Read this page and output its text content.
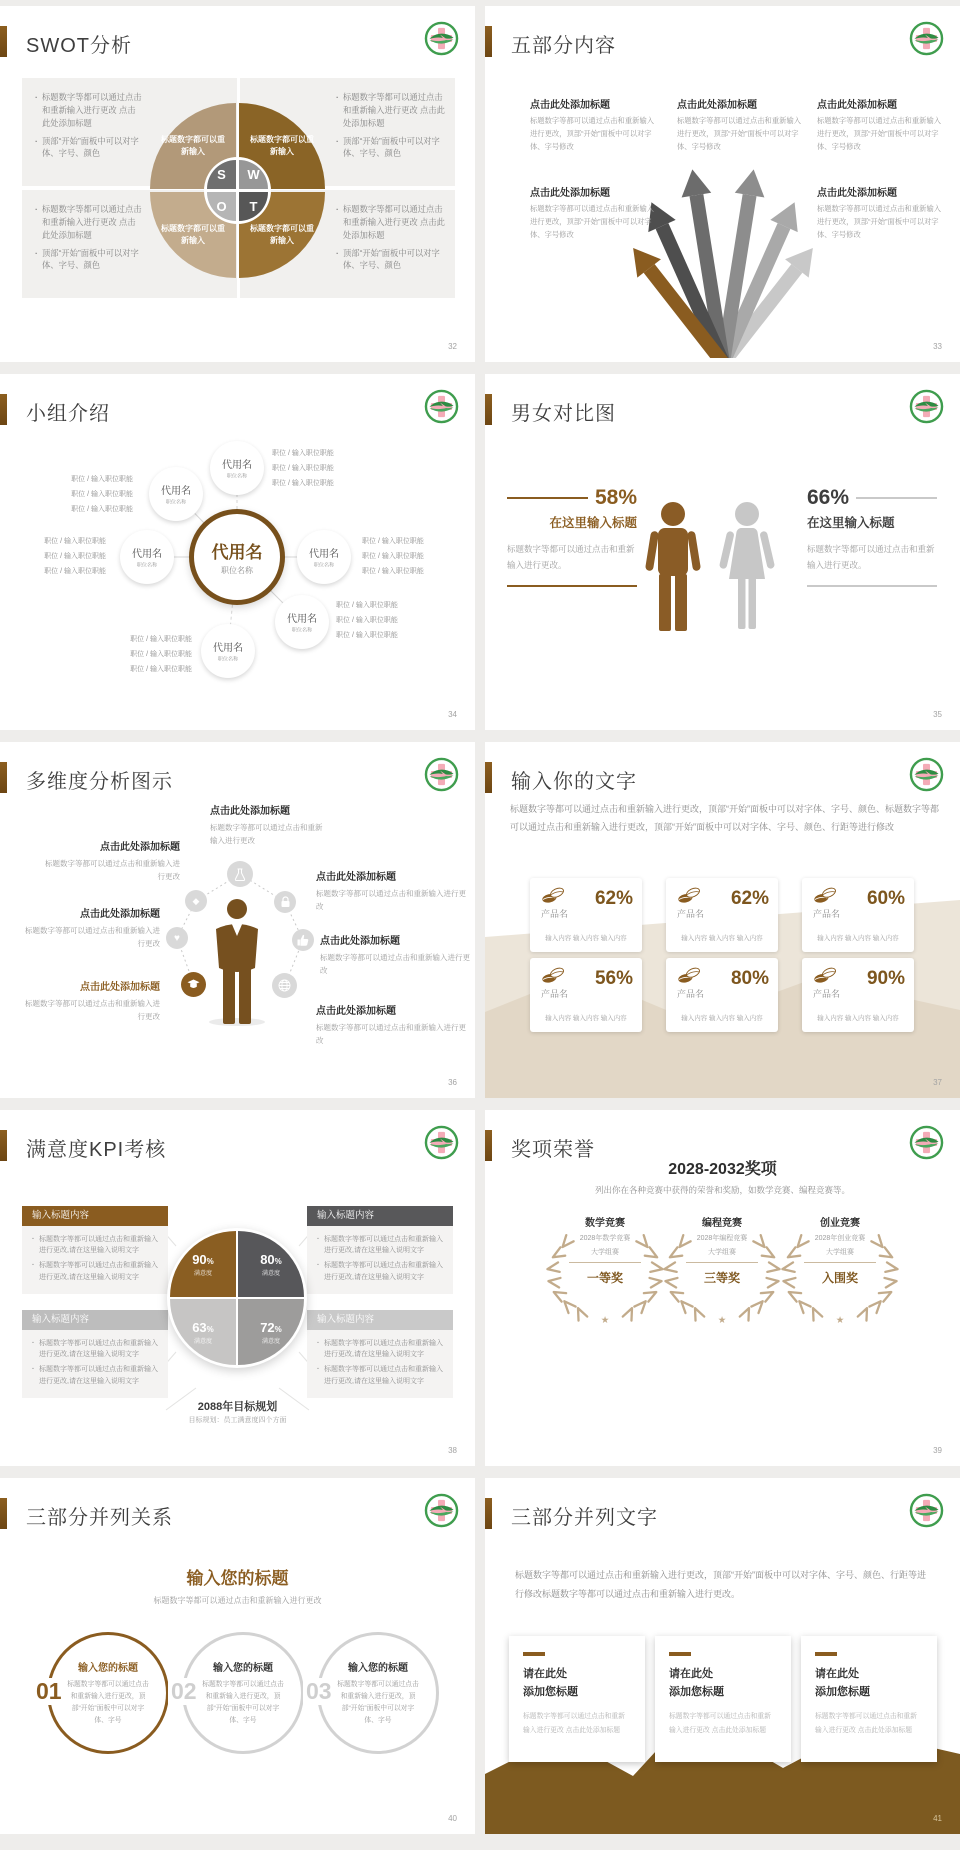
SWOT分析
· 标题数字等都可以通过点击和重新输入进行更改 点击此处添加标题
· 顶部“开始”面板中可以对字体、字号、颜色
· 标题数字等都可以通过点击和重新输入进行更改 点击此处添加标题
· 顶部“开始”面板中可以对字体、字号、颜色
· 标题数字等都可以通过点击和重新输入进行更改 点击此处添加标题
· 顶部“开始”面板中可以对字体、字号、颜色
· 标题数字等都可以通过点击和重新输入进行更改 点击此处添加标题
· 顶部“开始”面板中可以对字体、字号、颜色
标题数字都可以重新输入
标题数字都可以重新输入
标题数字都可以重新输入
标题数字都可以重新输入
S	W
O	T
32
五部分内容
点击此处添加标题
标题数字等都可以通过点击和重新输入进行更改，顶部“开始”面板中可以对字体、字号修改
点击此处添加标题
标题数字等都可以通过点击和重新输入进行更改，顶部“开始”面板中可以对字体、字号修改
点击此处添加标题
标题数字等都可以通过点击和重新输入进行更改，顶部“开始”面板中可以对字体、字号修改
点击此处添加标题
标题数字等都可以通过点击和重新输入进行更改，顶部“开始”面板中可以对字体、字号修改
点击此处添加标题
标题数字等都可以通过点击和重新输入进行更改，顶部“开始”面板中可以对字体、字号修改
33
小组介绍
代用名
职位名称
代用名
职位名称
代用名
职位名称
代用名
职位名称
代用名
职位名称
代用名
职位名称
代用名
职位名称
职位 / 输入职位职能
职位 / 输入职位职能
职位 / 输入职位职能
职位 / 输入职位职能
职位 / 输入职位职能
职位 / 输入职位职能
职位 / 输入职位职能
职位 / 输入职位职能
职位 / 输入职位职能
职位 / 输入职位职能
职位 / 输入职位职能
职位 / 输入职位职能
职位 / 输入职位职能
职位 / 输入职位职能
职位 / 输入职位职能
职位 / 输入职位职能
职位 / 输入职位职能
职位 / 输入职位职能
34
男女对比图
58%
在这里输入标题
标题数字等都可以通过点击和重新输入进行更改。
66%
在这里输入标题
标题数字等都可以通过点击和重新输入进行更改。
35
多维度分析图示
点击此处添加标题
标题数字等都可以通过点击和重新输入进行更改
点击此处添加标题
标题数字等都可以通过点击和重新输入进行更改
点击此处添加标题
标题数字等都可以通过点击和重新输入进行更改
点击此处添加标题
标题数字等都可以通过点击和重新输入进行更改
点击此处添加标题
标题数字等都可以通过点击和重新输入进行更改
点击此处添加标题
标题数字等都可以通过点击和重新输入进行更改
点击此处添加标题
标题数字等都可以通过点击和重新输入进行更改
◆
♥
36
输入你的文字
标题数字等都可以通过点击和重新输入进行更改，顶部“开始”面板中可以对字体、字号、颜色、标题数字等都可以通过点击和重新输入进行更改，顶部“开始”面板中可以对字体、字号、颜色、行距等进行修改
产品名
62%
输入内容 输入内容 输入内容
产品名
62%
输入内容 输入内容 输入内容
产品名
60%
输入内容 输入内容 输入内容
产品名
56%
输入内容 输入内容 输入内容
产品名
80%
输入内容 输入内容 输入内容
产品名
90%
输入内容 输入内容 输入内容
37
满意度KPI考核
输入标题内容
· 标题数字等都可以通过点击和重新输入进行更改,请在这里输入说明文字
· 标题数字等都可以通过点击和重新输入进行更改,请在这里输入说明文字
输入标题内容
· 标题数字等都可以通过点击和重新输入进行更改,请在这里输入说明文字
· 标题数字等都可以通过点击和重新输入进行更改,请在这里输入说明文字
输入标题内容
· 标题数字等都可以通过点击和重新输入进行更改,请在这里输入说明文字
· 标题数字等都可以通过点击和重新输入进行更改,请在这里输入说明文字
输入标题内容
· 标题数字等都可以通过点击和重新输入进行更改,请在这里输入说明文字
· 标题数字等都可以通过点击和重新输入进行更改,请在这里输入说明文字
90%
满意度
80%
满意度
63%
满意度
72%
满意度
2088年目标规划
目标规划：员工满意度四个方面
38
奖项荣誉
2028-2032奖项
列出你在各种竞赛中获得的荣誉和奖励，如数学竞赛、编程竞赛等。
数学竞赛
2028年数学竞赛
大学组赛
一等奖
编程竞赛
2028年编程竞赛
大学组赛
三等奖
创业竞赛
2028年创业竞赛
大学组赛
入围奖
39
三部分并列关系
输入您的标题
标题数字等都可以通过点击和重新输入进行更改
输入您的标题
标题数字等都可以通过点击和重新输入进行更改，顶部“开始”面板中可以对字体、字号
输入您的标题
标题数字等都可以通过点击和重新输入进行更改，顶部“开始”面板中可以对字体、字号
输入您的标题
标题数字等都可以通过点击和重新输入进行更改，顶部“开始”面板中可以对字体、字号
01	02	03
40
三部分并列文字
标题数字等都可以通过点击和重新输入进行更改，顶部“开始”面板中可以对字体、字号、颜色、行距等进行修改标题数字等都可以通过点击和重新输入进行更改。
请在此处
添加您标题
标题数字等都可以通过点击和重新输入进行更改 点击此处添加标题
请在此处
添加您标题
标题数字等都可以通过点击和重新输入进行更改 点击此处添加标题
请在此处
添加您标题
标题数字等都可以通过点击和重新输入进行更改 点击此处添加标题
41
